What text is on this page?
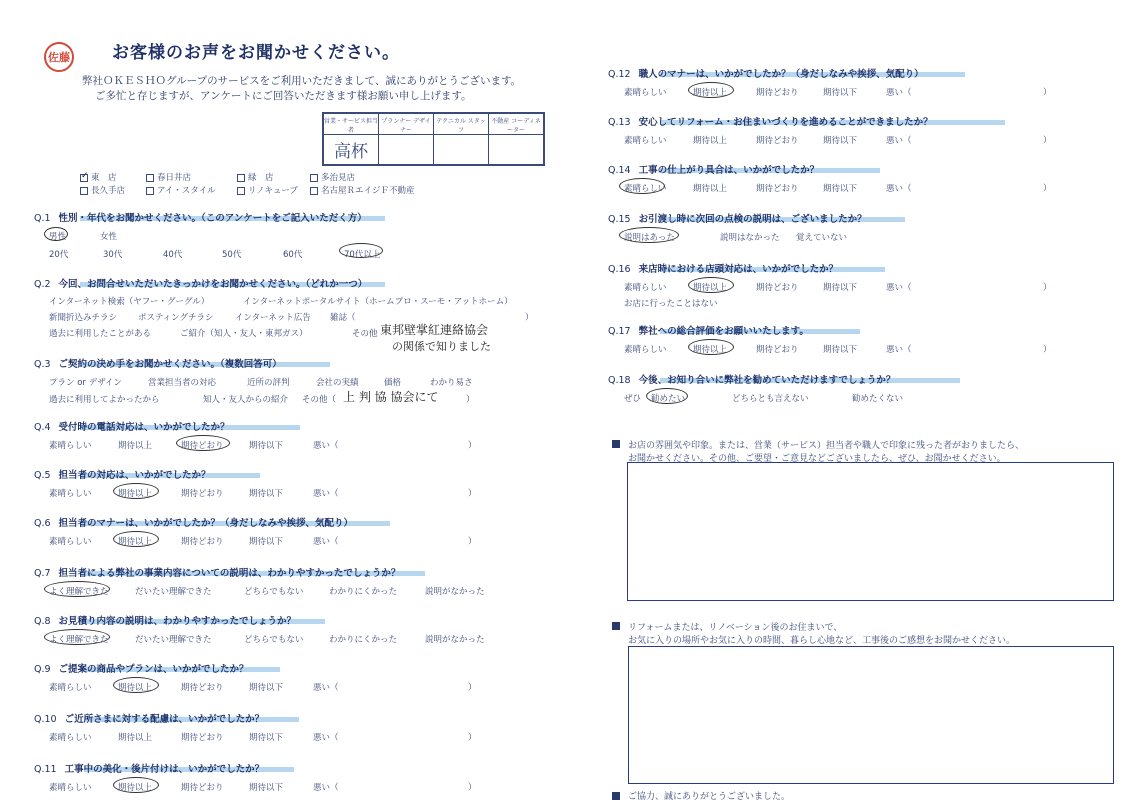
佐藤 お客様のお声をお聞かせください。
弊社ＯＫＥＳＨＯグループのサービスをご利用いただきまして、誠にありがとうございます。
ご多忙と存じますが、アンケートにご回答いただきます様お願い申し上げます。
営業・サービス担当者	プランナー デザイナー	テクニカル スタッフ	不動産 コーディネーター
高杯			
✓東　店	春日井店	緑　店	多治見店
長久手店	アイ・スタイル	リノキューブ	名古屋ＲエイジＦ不動産
Q.1 性別・年代をお聞かせください。（このアンケートをご記入いただく方）
男性	女性
20代	30代	40代	50代	60代	70代以上
Q.2 今回、お問合せいただいたきっかけをお聞かせください。（どれか一つ）
インターネット検索（ヤフー・グーグル）	インターネットポータルサイト（ホームプロ・スーモ・アットホーム）
新聞折込みチラシ ポスティングチラシ	インターネット広告 雑誌（	）
過去に利用したことがある	ご紹介（知人・友人・東邦ガス）	その他 東邦壁掌紅連絡協会
の関係で知りました
Q.3 ご契約の決め手をお聞かせください。（複数回答可）
プラン or デザイン	営業担当者の対応	近所の評判	会社の実績	価格	わかり易さ
過去に利用してよかったから	知人・友人からの紹介 その他（ 上 判 協 協会にて	）
お店の雰囲気や印象。または、営業（サービス）担当者や職人で印象に残った者がおりましたら、
お聞かせください。その他、ご要望・ご意見などございましたら、ぜひ、お聞かせください。
リフォームまたは、リノベーション後のお住まいで、
お気に入りの場所やお気に入りの時間、暮らし心地など、工事後のご感想をお聞かせください。
ご協力、誠にありがとうございました。
Q.4 受付時の電話対応は、いかがでしたか？
素晴らしい	期待以上	期待どおり	期待以下	悪い（	）
Q.5 担当者の対応は、いかがでしたか？
素晴らしい	期待以上	期待どおり	期待以下	悪い（	）
Q.6 担当者のマナーは、いかがでしたか？（身だしなみや挨拶、気配り）
素晴らしい	期待以上	期待どおり	期待以下	悪い（	）
Q.7 担当者による弊社の事業内容についての説明は、わかりやすかったでしょうか？
よく理解できた	だいたい理解できた	どちらでもない	わかりにくかった	説明がなかった
Q.8 お見積り内容の説明は、わかりやすかったでしょうか？
よく理解できた	だいたい理解できた	どちらでもない	わかりにくかった	説明がなかった
Q.9 ご提案の商品やプランは、いかがでしたか？
素晴らしい	期待以上	期待どおり	期待以下	悪い（	）
Q.10 ご近所さまに対する配慮は、いかがでしたか？
素晴らしい	期待以上	期待どおり	期待以下	悪い（	）
Q.11 工事中の美化・後片付けは、いかがでしたか？
素晴らしい	期待以上	期待どおり	期待以下	悪い（	）
Q.12 職人のマナーは、いかがでしたか？（身だしなみや挨拶、気配り）
素晴らしい	期待以上	期待どおり	期待以下	悪い（	）
Q.13 安心してリフォーム・お住まいづくりを進めることができましたか？
素晴らしい	期待以上	期待どおり	期待以下	悪い（	）
Q.14 工事の仕上がり具合は、いかがでしたか？
素晴らしい	期待以上	期待どおり	期待以下	悪い（	）
Q.15 お引渡し時に次回の点検の説明は、ございましたか？
説明はあった	説明はなかった 覚えていない
Q.16 来店時における店頭対応は、いかがでしたか？
素晴らしい	期待以上	期待どおり	期待以下	悪い（	）
Q.17 弊社への総合評価をお願いいたします。
素晴らしい	期待以上	期待どおり	期待以下	悪い（	）
Q.18 今後、お知り合いに弊社を勧めていただけますでしょうか？
ぜひ 勧めたい	どちらとも言えない	勧めたくない
お店に行ったことはない
